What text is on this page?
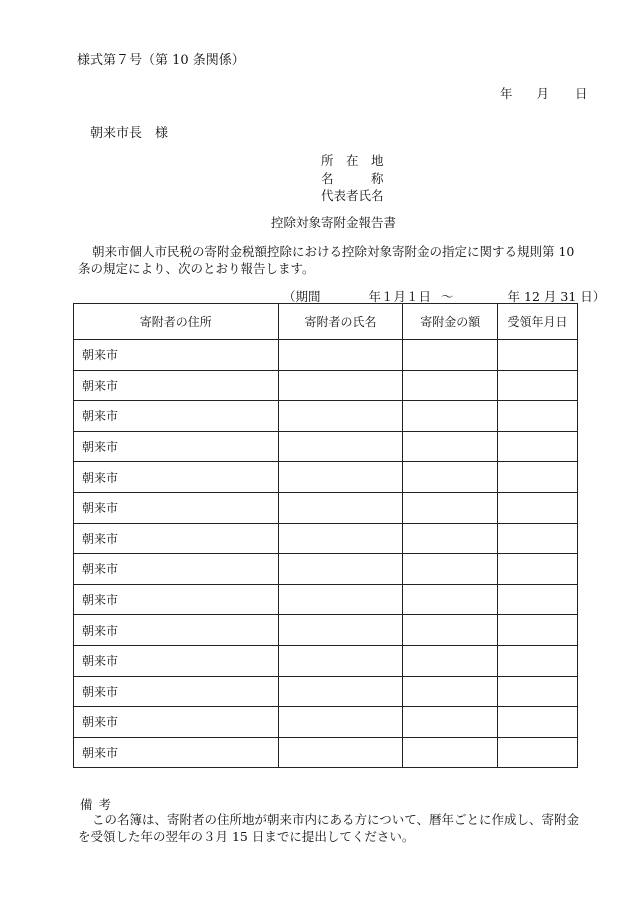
様式第７号（第 10 条関係）
年 月 日
朝来市長　様
所　在　地
名　　　称
代表者氏名
控除対象寄附金報告書
朝来市個人市民税の寄附金税額控除における控除対象寄附金の指定に関する規則第 10 条の規定により、次のとおり報告します。
（期間	年１月１日 ～	年 12 月 31 日）
寄附者の住所	寄附者の氏名	寄附金の額	受領年月日
朝来市			
朝来市			
朝来市			
朝来市			
朝来市			
朝来市			
朝来市			
朝来市			
朝来市			
朝来市			
朝来市			
朝来市			
朝来市			
朝来市			
備考
この名簿は、寄附者の住所地が朝来市内にある方について、暦年ごとに作成し、寄附金を受領した年の翌年の３月 15 日までに提出してください。
